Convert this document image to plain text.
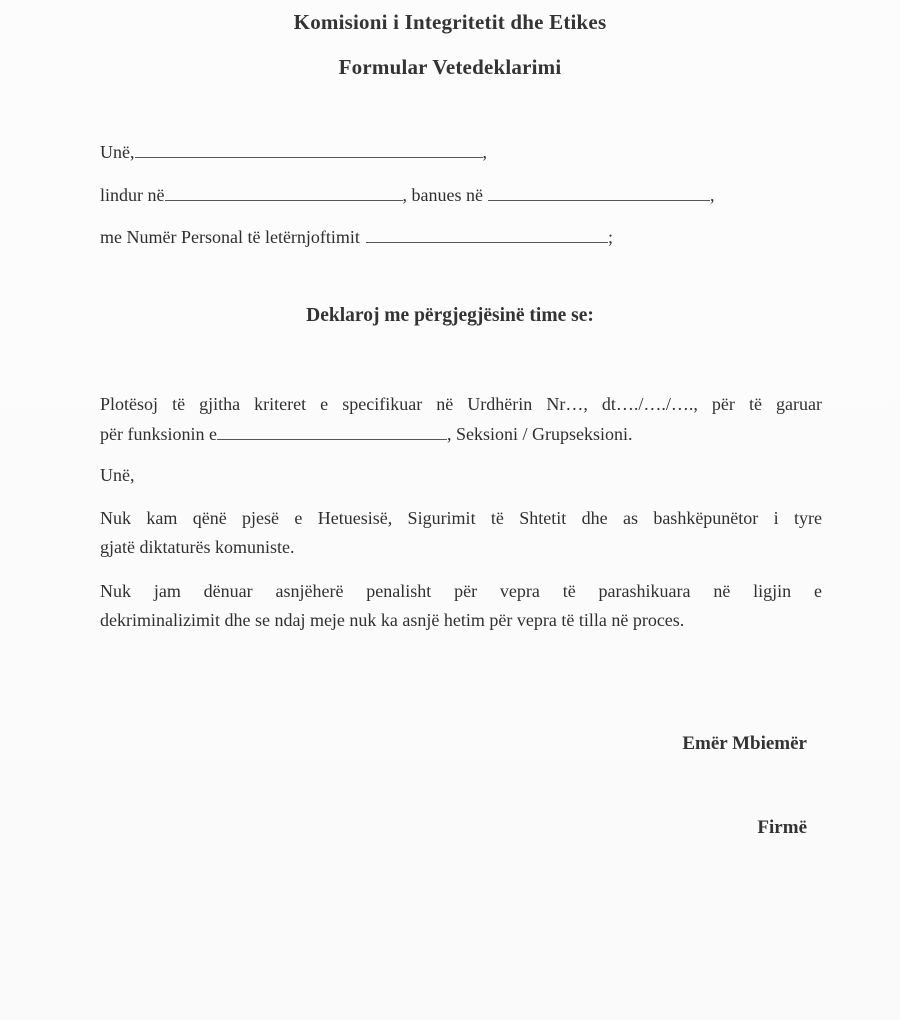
Komisioni i Integritetit dhe Etikes
Formular Vetedeklarimi
Unë,	,
lindur në	, banues në	,
me Numër Personal të letërnjoftimit	;
Deklaroj me përgjegjësinë time se:
Plotësoj të gjitha kriteret e specifikuar në Urdhërin Nr…, dt…./…./…., për të garuar
për funksionin e	, Seksioni / Grupseksioni.
Unë,
Nuk kam qënë pjesë e Hetuesisë, Sigurimit të Shtetit dhe as bashkëpunëtor i tyre
gjatë diktaturës komuniste.
Nuk jam dënuar asnjëherë penalisht për vepra të parashikuara në ligjin e
dekriminalizimit dhe se ndaj meje nuk ka asnjë hetim për vepra të tilla në proces.
Emër Mbiemër
Firmë
